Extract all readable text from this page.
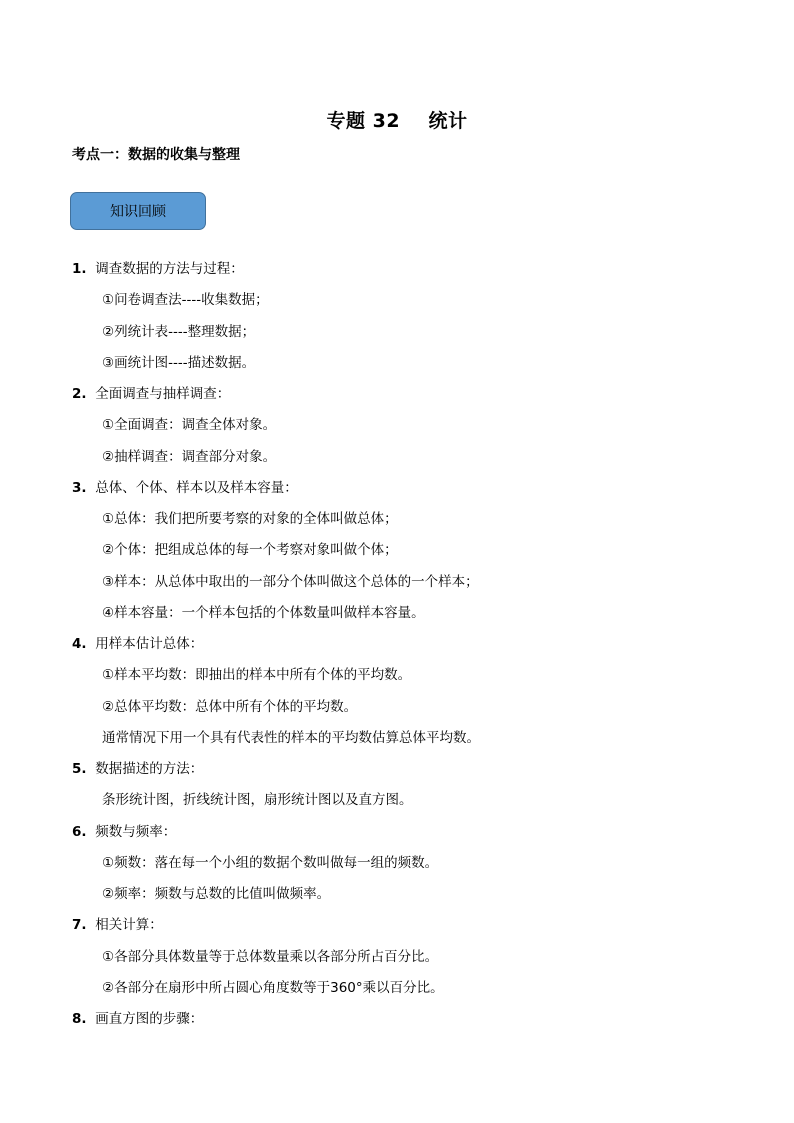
专题 32    统计
考点一：数据的收集与整理
知识回顾
1. 调查数据的方法与过程：
①问卷调查法----收集数据；
②列统计表----整理数据；
③画统计图----描述数据。
2. 全面调查与抽样调查：
①全面调查：调查全体对象。
②抽样调查：调查部分对象。
3. 总体、个体、样本以及样本容量：
①总体：我们把所要考察的对象的全体叫做总体；
②个体：把组成总体的每一个考察对象叫做个体；
③样本：从总体中取出的一部分个体叫做这个总体的一个样本；
④样本容量：一个样本包括的个体数量叫做样本容量。
4. 用样本估计总体：
①样本平均数：即抽出的样本中所有个体的平均数。
②总体平均数：总体中所有个体的平均数。
通常情况下用一个具有代表性的样本的平均数估算总体平均数。
5. 数据描述的方法：
条形统计图，折线统计图，扇形统计图以及直方图。
6. 频数与频率：
①频数：落在每一个小组的数据个数叫做每一组的频数。
②频率：频数与总数的比值叫做频率。
7. 相关计算：
①各部分具体数量等于总体数量乘以各部分所占百分比。
②各部分在扇形中所占圆心角度数等于360°乘以百分比。
8. 画直方图的步骤：
